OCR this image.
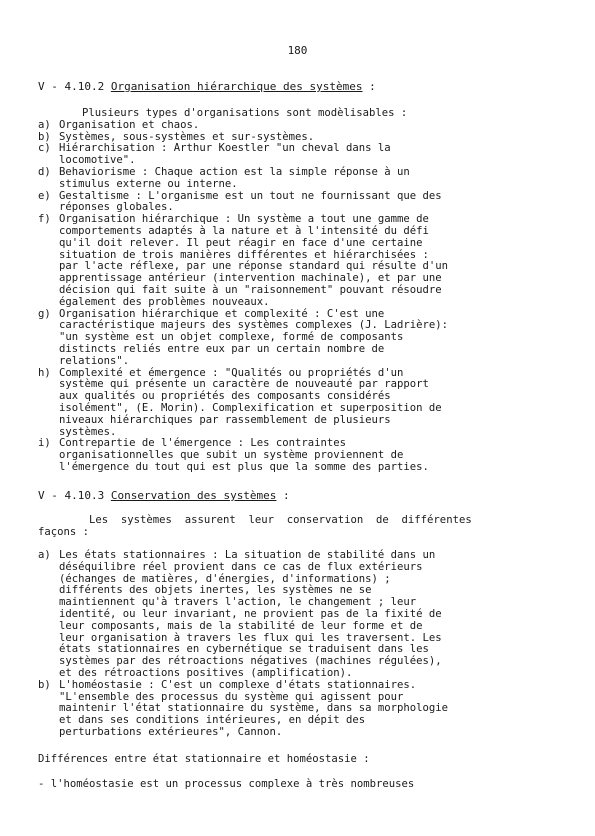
180
V - 4.10.2 Organisation hiérarchique des systèmes :
Plusieurs types d'organisations sont modèlisables :
a) Organisation et chaos.
b) Systèmes, sous-systèmes et sur-systèmes.
c) Hiérarchisation : Arthur Koestler "un cheval dans la
locomotive".
d) Behaviorisme : Chaque action est la simple réponse à un
stimulus externe ou interne.
e) Gestaltisme : L'organisme est un tout ne fournissant que des
réponses globales.
f) Organisation hiérarchique : Un système a tout une gamme de
comportements adaptés à la nature et à l'intensité du défi
qu'il doit relever. Il peut réagir en face d'une certaine
situation de trois manières différentes et hiérarchisées :
par l'acte réflexe, par une réponse standard qui résulte d'un
apprentissage antérieur (intervention machinale), et par une
décision qui fait suite à un "raisonnement" pouvant résoudre
également des problèmes nouveaux.
g) Organisation hiérarchique et complexité : C'est une
caractéristique majeurs des systèmes complexes (J. Ladrière):
"un système est un objet complexe, formé de composants
distincts reliés entre eux par un certain nombre de
relations".
h) Complexité et émergence : "Qualités ou propriétés d'un
système qui présente un caractère de nouveauté par rapport
aux qualités ou propriétés des composants considérés
isolément", (E. Morin). Complexification et superposition de
niveaux hiérarchiques par rassemblement de plusieurs
systèmes.
i) Contrepartie de l'émergence : Les contraintes
organisationnelles que subit un système proviennent de
l'émergence du tout qui est plus que la somme des parties.
V - 4.10.3 Conservation des systèmes :
Les  systèmes  assurent  leur  conservation  de  différentes
façons :
a) Les états stationnaires : La situation de stabilité dans un
déséquilibre réel provient dans ce cas de flux extérieurs
(échanges de matières, d'énergies, d'informations) ;
différents des objets inertes, les systèmes ne se
maintiennent qu'à travers l'action, le changement ; leur
identité, ou leur invariant, ne provient pas de la fixité de
leur composants, mais de la stabilité de leur forme et de
leur organisation à travers les flux qui les traversent. Les
états stationnaires en cybernétique se traduisent dans les
systèmes par des rétroactions négatives (machines régulées),
et des rétroactions positives (amplification).
b) L'homéostasie : C'est un complexe d'états stationnaires.
"L'ensemble des processus du système qui agissent pour
maintenir l'état stationnaire du système, dans sa morphologie
et dans ses conditions intérieures, en dépit des
perturbations extérieures", Cannon.
Différences entre état stationnaire et homéostasie :
- l'homéostasie est un processus complexe à très nombreuses
